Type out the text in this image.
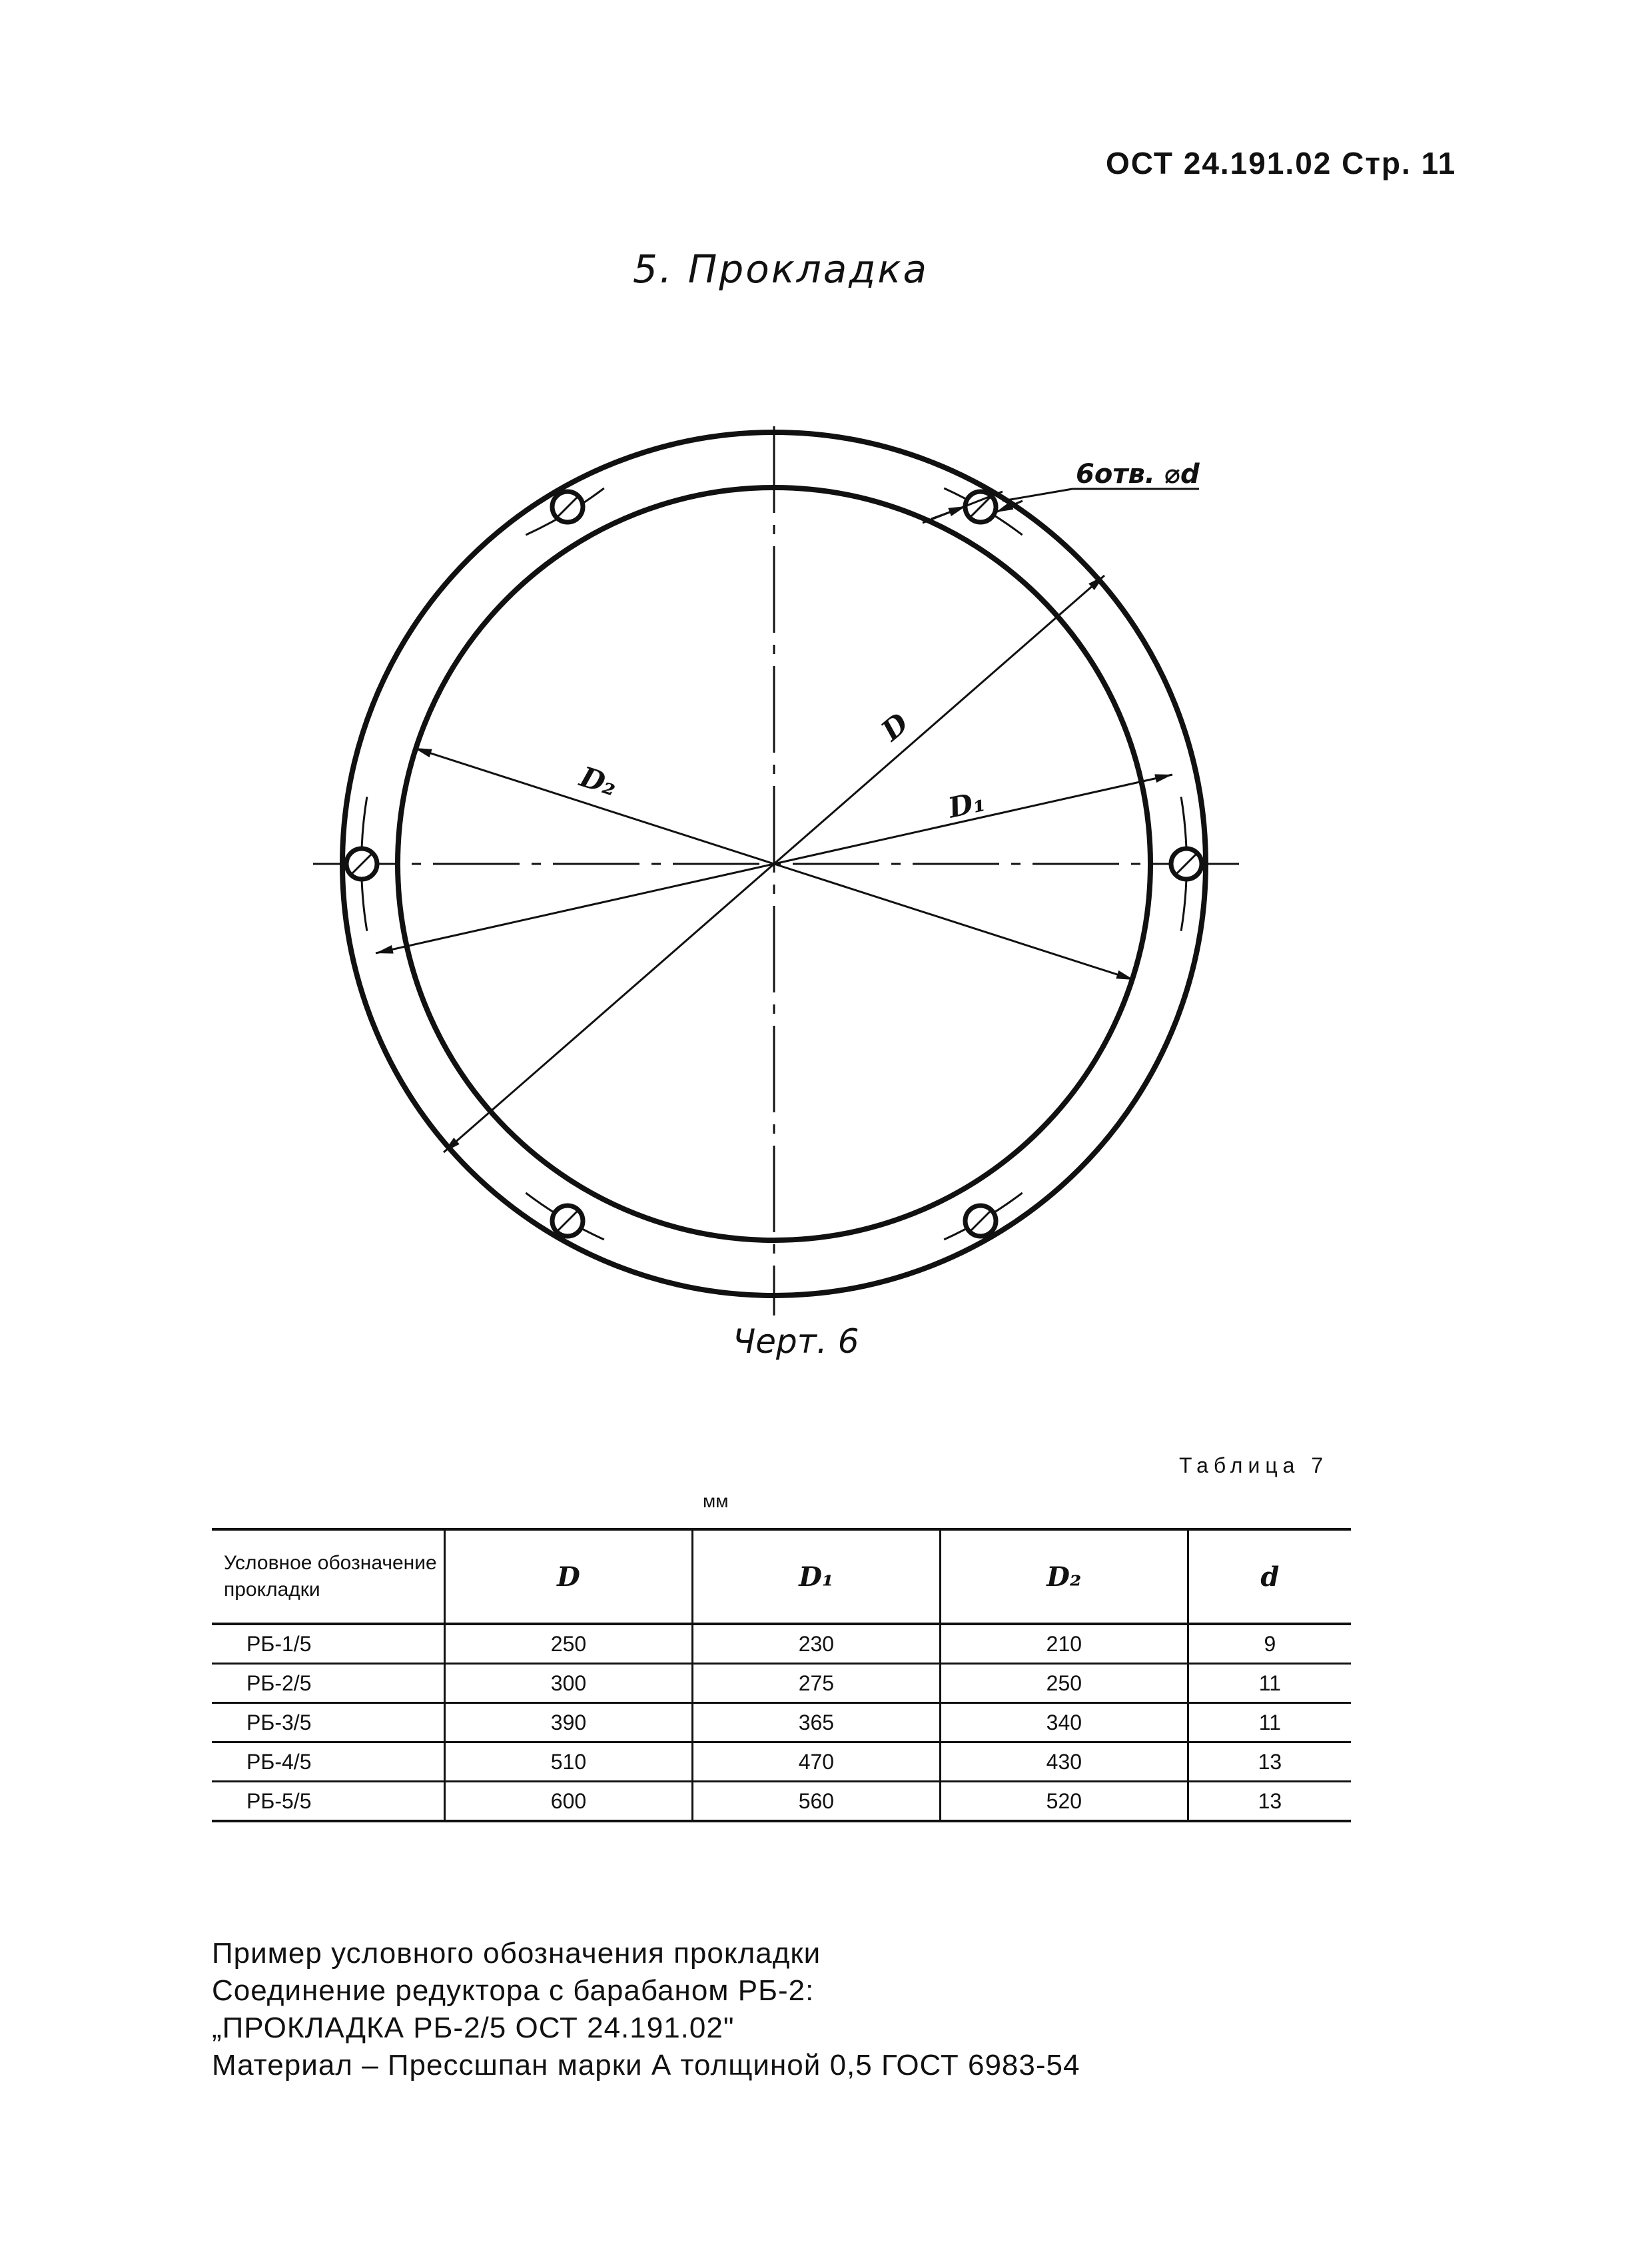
ОСТ 24.191.02 Стр. 11
5. Прокладка
6отв. ⌀d
D
D₁
D₂
Черт. 6
Таблица 7
мм
Условное обозначение прокладки	D	D₁	D₂	d
РБ-1/5	250	230	210	9
РБ-2/5	300	275	250	11
РБ-3/5	390	365	340	11
РБ-4/5	510	470	430	13
РБ-5/5	600	560	520	13
Пример условного обозначения прокладки
Соединение редуктора с барабаном РБ-2:
„ПРОКЛАДКА РБ-2/5 ОСТ 24.191.02"
Материал – Прессшпан марки А толщиной 0,5 ГОСТ 6983-54
